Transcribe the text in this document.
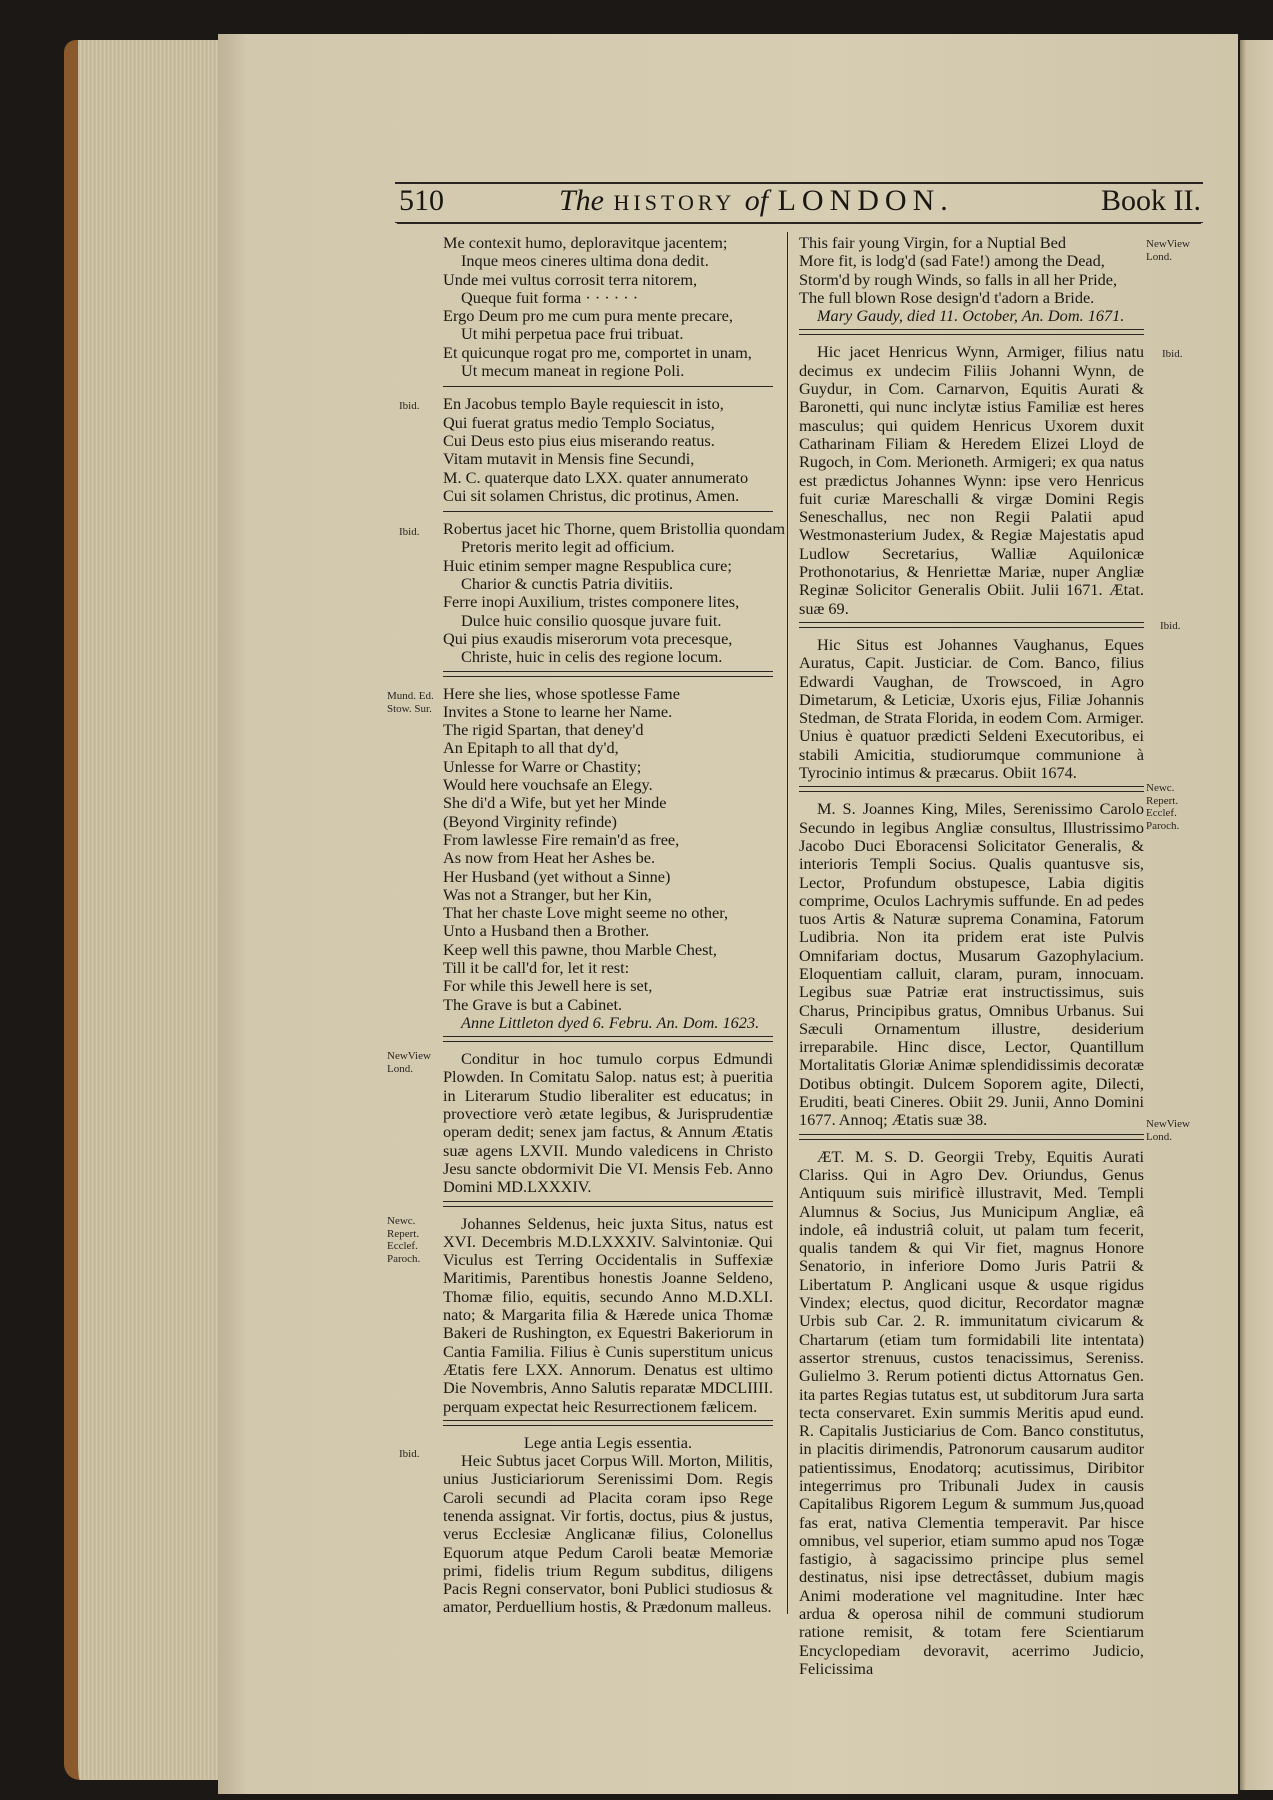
510	The HISTORY of LONDON.	Book II.
Me contexit humo, deploravitque jacentem;
Inque meos cineres ultima dona dedit.
Unde mei vultus corrosit terra nitorem,
Queque fuit forma · · · · · ·
Ergo Deum pro me cum pura mente precare,
Ut mihi perpetua pace frui tribuat.
Et quicunque rogat pro me, comportet in unam,
Ut mecum maneat in regione Poli.
En Jacobus templo Bayle requiescit in isto,
Qui fuerat gratus medio Templo Sociatus,
Cui Deus esto pius eius miserando reatus.
Vitam mutavit in Mensis fine Secundi,
M. C. quaterque dato LXX. quater annumerato
Cui sit solamen Christus, dic protinus, Amen.
Robertus jacet hic Thorne, quem Bristollia quondam
Pretoris merito legit ad officium.
Huic etinim semper magne Respublica cure;
Charior & cunctis Patria divitiis.
Ferre inopi Auxilium, tristes componere lites,
Dulce huic consilio quosque juvare fuit.
Qui pius exaudis miserorum vota precesque,
Christe, huic in celis des regione locum.
Here she lies, whose spotlesse Fame
Invites a Stone to learne her Name.
The rigid Spartan, that deney'd
An Epitaph to all that dy'd,
Unlesse for Warre or Chastity;
Would here vouchsafe an Elegy.
She di'd a Wife, but yet her Minde
(Beyond Virginity refinde)
From lawlesse Fire remain'd as free,
As now from Heat her Ashes be.
Her Husband (yet without a Sinne)
Was not a Stranger, but her Kin,
That her chaste Love might seeme no other,
Unto a Husband then a Brother.
Keep well this pawne, thou Marble Chest,
Till it be call'd for, let it rest:
For while this Jewell here is set,
The Grave is but a Cabinet.
Anne Littleton dyed 6. Febru. An. Dom. 1623.
Conditur in hoc tumulo corpus Edmundi Plowden. In Comitatu Salop. natus est; à pueritia in Literarum Studio liberaliter est educatus; in provectiore verò ætate legibus, & Jurisprudentiæ operam dedit; senex jam factus, & Annum Ætatis suæ agens LXVII. Mundo valedicens in Christo Jesu sancte obdormivit Die VI. Mensis Feb. Anno Domini MD.LXXXIV.
Johannes Seldenus, heic juxta Situs, natus est XVI. Decembris M.D.LXXXIV. Salvintoniæ. Qui Viculus est Terring Occidentalis in Suffexiæ Maritimis, Parentibus honestis Joanne Seldeno, Thomæ filio, equitis, secundo Anno M.D.XLI. nato; & Margarita filia & Hærede unica Thomæ Bakeri de Rushington, ex Equestri Bakeriorum in Cantia Familia. Filius è Cunis superstitum unicus Ætatis fere LXX. Annorum. Denatus est ultimo Die Novembris, Anno Salutis reparatæ MDCLIIII. perquam expectat heic Resurrectionem fælicem.
Lege antia Legis essentia.
Heic Subtus jacet Corpus Will. Morton, Militis, unius Justiciariorum Serenissimi Dom. Regis Caroli secundi ad Placita coram ipso Rege tenenda assignat. Vir fortis, doctus, pius & justus, verus Ecclesiæ Anglicanæ filius, Colonellus Equorum atque Pedum Caroli beatæ Memoriæ primi, fidelis trium Regum subditus, diligens Pacis Regni conservator, boni Publici studiosus & amator, Perduellium hostis, & Prædonum malleus.
This fair young Virgin, for a Nuptial Bed
More fit, is lodg'd (sad Fate!) among the Dead,
Storm'd by rough Winds, so falls in all her Pride,
The full blown Rose design'd t'adorn a Bride.
Mary Gaudy, died 11. October, An. Dom. 1671.
Hic jacet Henricus Wynn, Armiger, filius natu decimus ex undecim Filiis Johanni Wynn, de Guydur, in Com. Carnarvon, Equitis Aurati & Baronetti, qui nunc inclytæ istius Familiæ est heres masculus; qui quidem Henricus Uxorem duxit Catharinam Filiam & Heredem Elizei Lloyd de Rugoch, in Com. Merioneth. Armigeri; ex qua natus est prædictus Johannes Wynn: ipse vero Henricus fuit curiæ Mareschalli & virgæ Domini Regis Seneschallus, nec non Regii Palatii apud Westmonasterium Judex, & Regiæ Majestatis apud Ludlow Secretarius, Walliæ Aquilonicæ Prothonotarius, & Henriettæ Mariæ, nuper Angliæ Reginæ Solicitor Generalis Obiit. Julii 1671. Ætat. suæ 69.
Hic Situs est Johannes Vaughanus, Eques Auratus, Capit. Justiciar. de Com. Banco, filius Edwardi Vaughan, de Trowscoed, in Agro Dimetarum, & Leticiæ, Uxoris ejus, Filiæ Johannis Stedman, de Strata Florida, in eodem Com. Armiger. Unius è quatuor prædicti Seldeni Executoribus, ei stabili Amicitia, studiorumque communione à Tyrocinio intimus & præcarus. Obiit 1674.
M. S. Joannes King, Miles, Serenissimo Carolo Secundo in legibus Angliæ consultus, Illustrissimo Jacobo Duci Eboracensi Solicitator Generalis, & interioris Templi Socius. Qualis quantusve sis, Lector, Profundum obstupesce, Labia digitis comprime, Oculos Lachrymis suffunde. En ad pedes tuos Artis & Naturæ suprema Conamina, Fatorum Ludibria. Non ita pridem erat iste Pulvis Omnifariam doctus, Musarum Gazophylacium. Eloquentiam calluit, claram, puram, innocuam. Legibus suæ Patriæ erat instructissimus, suis Charus, Principibus gratus, Omnibus Urbanus. Sui Sæculi Ornamentum illustre, desiderium irreparabile. Hinc disce, Lector, Quantillum Mortalitatis Gloriæ Animæ splendidissimis decoratæ Dotibus obtingit. Dulcem Soporem agite, Dilecti, Eruditi, beati Cineres. Obiit 29. Junii, Anno Domini 1677. Annoq; Ætatis suæ 38.
ÆT. M. S. D. Georgii Treby, Equitis Aurati Clariss. Qui in Agro Dev. Oriundus, Genus Antiquum suis mirificè illustravit, Med. Templi Alumnus & Socius, Jus Municipum Angliæ, eâ indole, eâ industriâ coluit, ut palam tum fecerit, qualis tandem & qui Vir fiet, magnus Honore Senatorio, in inferiore Domo Juris Patrii & Libertatum P. Anglicani usque & usque rigidus Vindex; electus, quod dicitur, Recordator magnæ Urbis sub Car. 2. R. immunitatum civicarum & Chartarum (etiam tum formidabili lite intentata) assertor strenuus, custos tenacissimus, Sereniss. Gulielmo 3. Rerum potienti dictus Attornatus Gen. ita partes Regias tutatus est, ut subditorum Jura sarta tecta conservaret. Exin summis Meritis apud eund. R. Capitalis Justiciarius de Com. Banco constitutus, in placitis dirimendis, Patronorum causarum auditor patientissimus, Enodatorq; acutissimus, Diribitor integerrimus pro Tribunali Judex in causis Capitalibus Rigorem Legum & summum Jus,quoad fas erat, nativa Clementia temperavit. Par hisce omnibus, vel superior, etiam summo apud nos Togæ fastigio, à sagacissimo principe plus semel destinatus, nisi ipse detrectâsset, dubium magis Animi moderatione vel magnitudine. Inter hæc ardua & operosa nihil de communi studiorum ratione remisit, & totam fere Scientiarum Encyclopediam devoravit, acerrimo Judicio, Felicissima
Ibid.
Ibid.
Mund. Ed.
Stow. Sur.
NewView
Lond.
Newc.
Repert.
Ecclef.
Paroch.
Ibid.
NewView
Lond.
Ibid.
Ibid.
Newc.
Repert.
Ecclef.
Paroch.
NewView
Lond.
